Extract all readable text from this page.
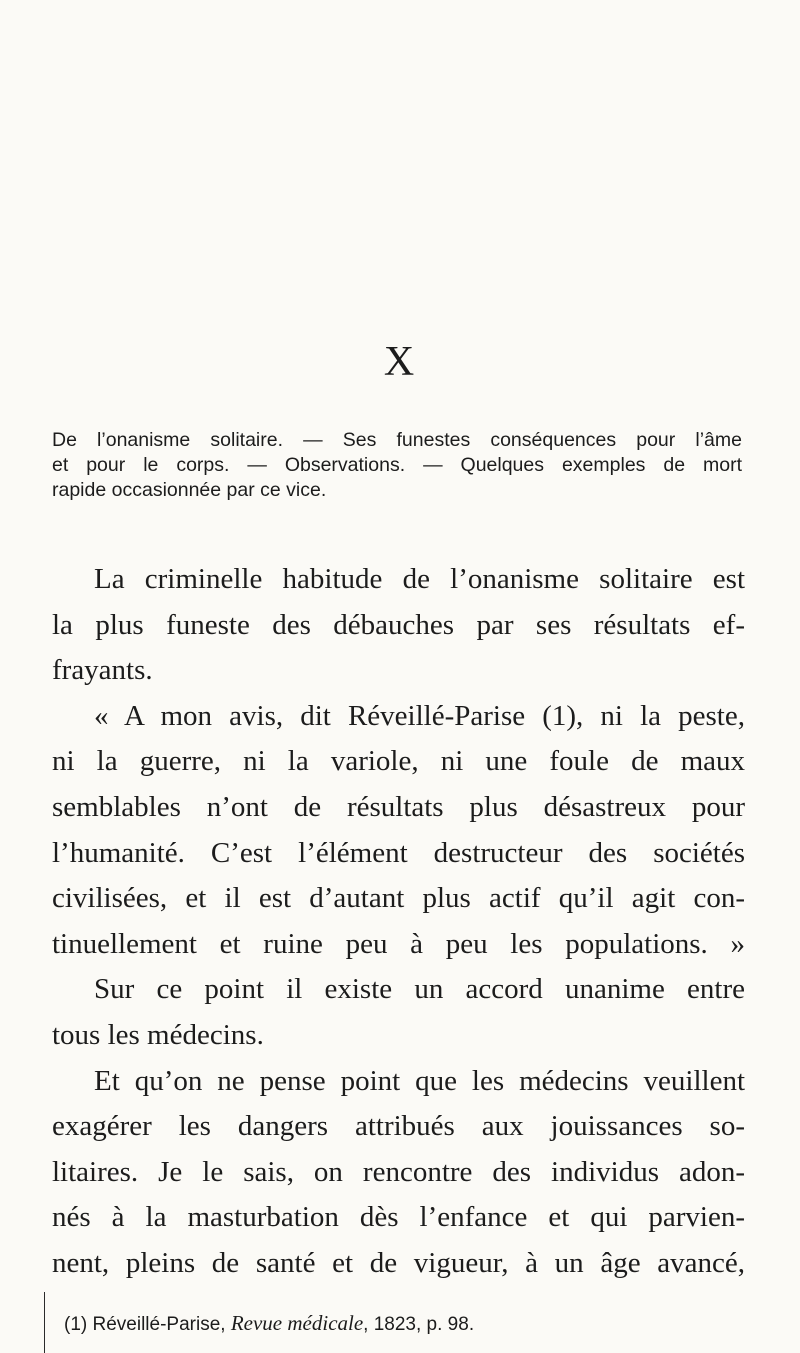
X
De l’onanisme solitaire. — Ses funestes conséquences pour l’âme
et pour le corps. — Observations. — Quelques exemples de mort
rapide occasionnée par ce vice.
La criminelle habitude de l’onanisme solitaire est
la plus funeste des débauches par ses résultats ef-
frayants.
« A mon avis, dit Réveillé-Parise (1), ni la peste,
ni la guerre, ni la variole, ni une foule de maux
semblables n’ont de résultats plus désastreux pour
l’humanité. C’est l’élément destructeur des sociétés
civilisées, et il est d’autant plus actif qu’il agit con-
tinuellement et ruine peu à peu les populations. »
Sur ce point il existe un accord unanime entre
tous les médecins.
Et qu’on ne pense point que les médecins veuillent
exagérer les dangers attribués aux jouissances so-
litaires. Je le sais, on rencontre des individus adon-
nés à la masturbation dès l’enfance et qui parvien-
nent, pleins de santé et de vigueur, à un âge avancé,
(1) Réveillé-Parise, Revue médicale, 1823, p. 98.
